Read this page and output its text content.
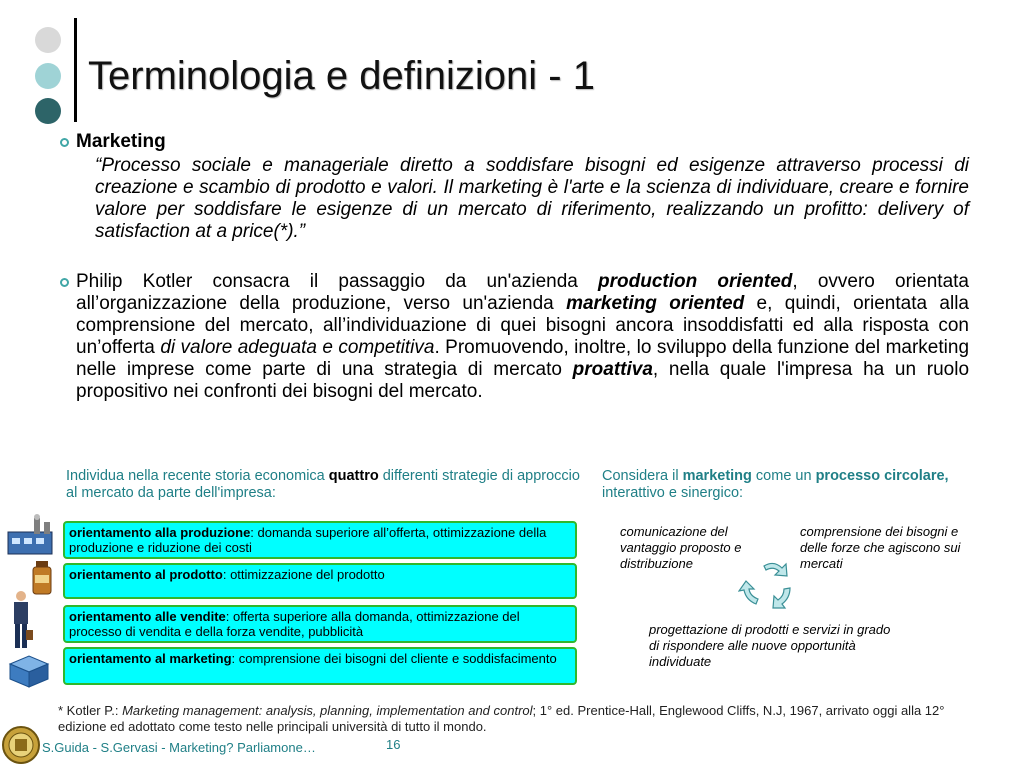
Terminologia e definizioni - 1
Marketing
“Processo sociale e manageriale diretto a soddisfare bisogni ed esigenze attraverso processi di creazione e scambio di prodotto e valori. Il marketing è l'arte e la scienza di individuare, creare e fornire valore per soddisfare le esigenze di un mercato di riferimento, realizzando un profitto: delivery of satisfaction at a price(*).”
Philip Kotler consacra il passaggio da un'azienda production oriented, ovvero orientata all’organizzazione della produzione, verso un'azienda marketing oriented e, quindi, orientata alla comprensione del mercato, all’individuazione di quei bisogni ancora insoddisfatti ed alla risposta con un’offerta di valore adeguata e competitiva. Promuovendo, inoltre, lo sviluppo della funzione del marketing nelle imprese come parte di una strategia di mercato proattiva, nella quale l'impresa ha un ruolo propositivo nei confronti dei bisogni del mercato.
Individua nella recente storia economica quattro differenti strategie di approccio al mercato da parte dell'impresa:
orientamento alla produzione: domanda superiore all’offerta, ottimizzazione della produzione e riduzione dei costi
orientamento al prodotto: ottimizzazione del prodotto
orientamento alle vendite: offerta superiore alla domanda, ottimizzazione del processo di vendita e della forza vendite, pubblicità
orientamento al marketing: comprensione dei bisogni del cliente e soddisfacimento
Considera il marketing come un processo circolare, interattivo e sinergico:
comunicazione del vantaggio proposto e distribuzione
comprensione dei bisogni e delle forze che agiscono sui mercati
progettazione di prodotti e servizi in grado di rispondere alle nuove opportunità individuate
* Kotler P.: Marketing management: analysis, planning, implementation and control; 1° ed. Prentice-Hall, Englewood Cliffs, N.J, 1967, arrivato oggi alla 12° edizione ed adottato come testo nelle principali università di tutto il mondo.
S.Guida - S.Gervasi - Marketing? Parliamone…	16
